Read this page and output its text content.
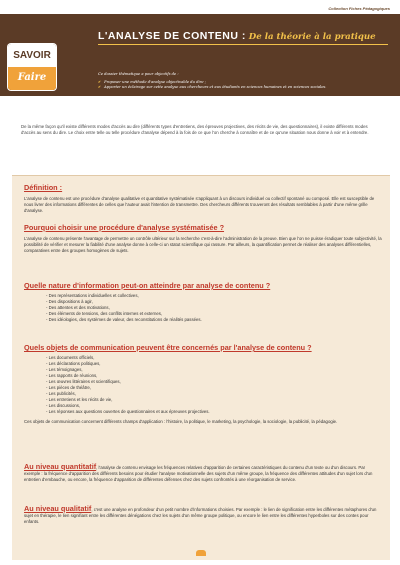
Collection Fiches Pédagogiques
L'ANALYSE DE CONTENU : De la théorie à la pratique
SAVOIR
Faire	Ce dossier thématique a pour objectifs de :
✔ Proposer une méthode d'analyse objectivable du dire ;
✔ Apporter un éclairage sur cette analyse aux chercheurs et aux étudiants en sciences humaines et en sciences sociales.
De la même façon qu'il existe différents modes d'accès au dire (différents types d'entretiens, des épreuves projectives, des récits de vie, des questionnaires), il existe différents modes d'accès au sens du dire. Le choix entre telle ou telle procédure d'analyse dépend à la fois de ce que l'on cherche à connaître et de ce qu'une situation nous donne à voir et à entendre.
Définition :
L'analyse de contenu est une procédure d'analyse qualitative et quantitative systématisée s'appliquant à un discours individuel ou collectif spontané ou composé. Elle est susceptible de nous livrer des informations différentes de celles que l'auteur avait l'intention de transmettre. Des chercheurs différents trouveront des résultats semblables à partir d'une même grille d'analyse.
Pourquoi choisir une procédure d'analyse systématisée ?
L'analyse de contenu présente l'avantage de permettre un contrôle ultérieur sur la recherche c'est-à-dire l'administration de la preuve. Bien que l'on ne puisse éradiquer toute subjectivité, la possibilité de vérifier et mesurer la fiabilité d'une analyse donne à celle-ci un statut scientifique qui rassure. Par ailleurs, la quantification permet de réaliser des analyses différentielles, comparatives entre des groupes homogènes de sujets.
Quelle nature d'information peut-on atteindre par analyse de contenu ?
- Des représentations individuelles et collectives,
- Des dispositions à agir,
- Des attentes et des motivations,
- Des éléments de tensions, des conflits internes et externes,
- Des idéologies, des systèmes de valeur, des reconstitutions de réalités passées.
Quels objets de communication peuvent être concernés par l'analyse de contenu ?
- Les documents officiels,
- Les déclarations politiques,
- Les témoignages,
- Les rapports de réunions,
- Les œuvres littéraires et scientifiques,
- Les pièces de théâtre,
- Les publicités,
- Les entretiens et les récits de vie,
- Les discussions,
- Les réponses aux questions ouvertes de questionnaires et aux épreuves projectives.
Ces objets de communication concernent différents champs d'application : l'histoire, la politique, le marketing, la psychologie, la sociologie, la publicité, la pédagogie.
Au niveau quantitatif, l'analyse de contenu envisage les fréquences relatives d'apparition de certaines caractéristiques du contenu d'un texte ou d'un discours. Par exemple : la fréquence d'apparition des différents besoins pour étudier l'analyse motivationnelle des sujets d'un même groupe, la fréquence des différentes attitudes d'un sujet lors d'un entretien d'embauche, ou encore, la fréquence d'apparition de différentes défenses chez des sujets confrontés à une réorganisation de service.
Au niveau qualitatif, c'est une analyse en profondeur d'un petit nombre d'informations choisies. Par exemple : le lien de signification entre les différentes métaphores d'un sujet en thérapie, le lien signifiant entre les différentes dénégations chez les sujets d'un même groupe politique, ou encore le lien entre les différentes hyperboles sur des contes pour enfants.
